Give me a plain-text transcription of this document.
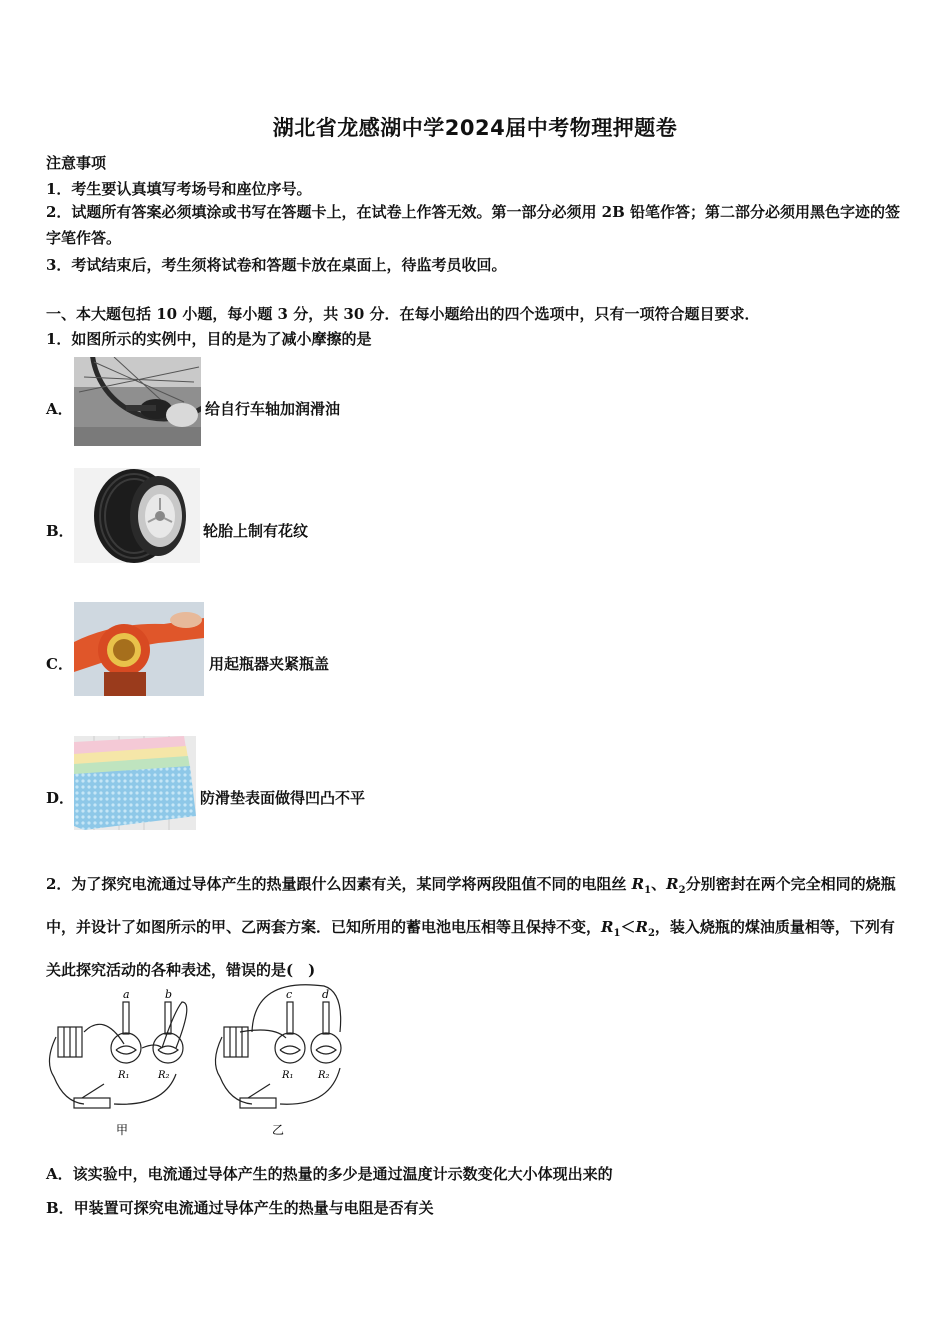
湖北省龙感湖中学2024届中考物理押题卷
注意事项
1．考生要认真填写考场号和座位序号。
2．试题所有答案必须填涂或书写在答题卡上，在试卷上作答无效。第一部分必须用 2B 铅笔作答；第二部分必须用黑色字迹的签字笔作答。
3．考试结束后，考生须将试卷和答题卡放在桌面上，待监考员收回。
一、本大题包括 10 小题，每小题 3 分，共 30 分．在每小题给出的四个选项中，只有一项符合题目要求．
1．如图所示的实例中，目的是为了减小摩擦的是
A．	给自行车轴加润滑油
B．	轮胎上制有花纹
C．	用起瓶器夹紧瓶盖
D．	防滑垫表面做得凹凸不平
2．为了探究电流通过导体产生的热量跟什么因素有关，某同学将两段阻值不同的电阻丝 $R_1$、$R_2$分别密封在两个完全相同的烧瓶中，并设计了如图所示的甲、乙两套方案．已知所用的蓄电池电压相等且保持不变，$R_1<R_2$，装入烧瓶的煤油质量相等，下列有关此探究活动的各种表述，错误的是(　)
a	b	c	d
R₁	R₂	R₁ R₂
甲	乙
A．该实验中，电流通过导体产生的热量的多少是通过温度计示数变化大小体现出来的
B．甲装置可探究电流通过导体产生的热量与电阻是否有关
